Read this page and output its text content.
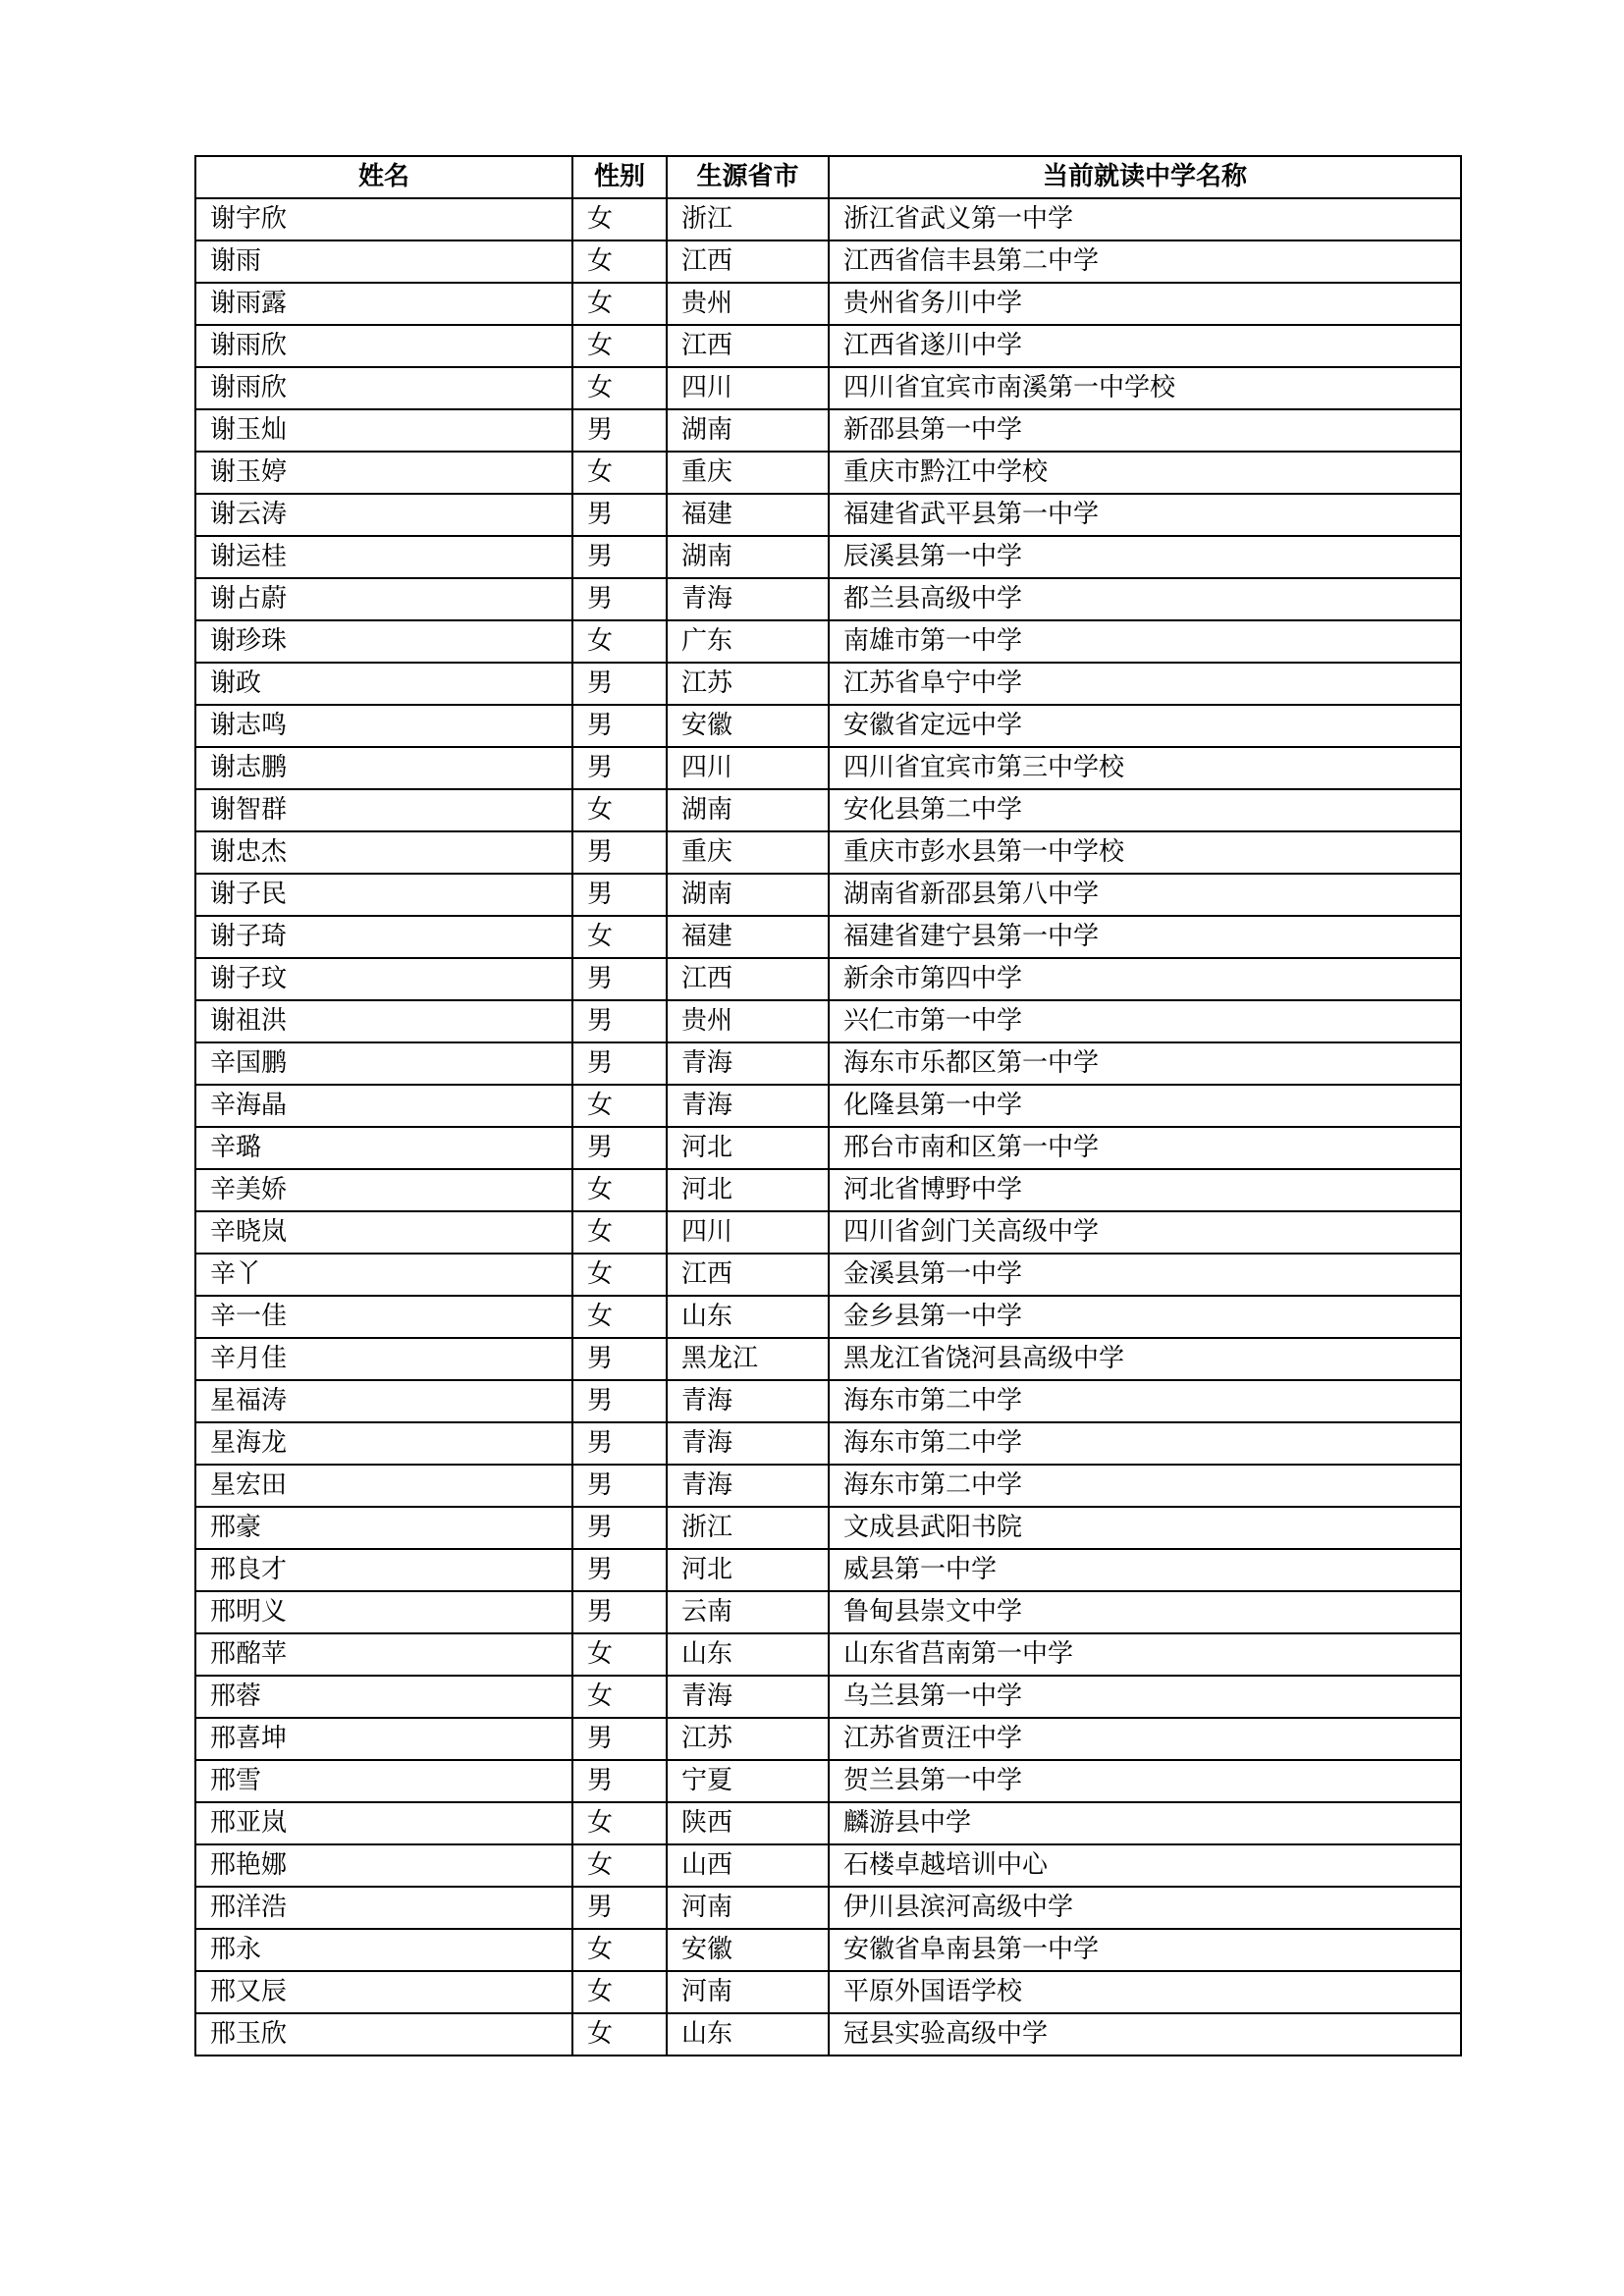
姓名	性别	生源省市	当前就读中学名称
谢宇欣	女	浙江	浙江省武义第一中学
谢雨	女	江西	江西省信丰县第二中学
谢雨露	女	贵州	贵州省务川中学
谢雨欣	女	江西	江西省遂川中学
谢雨欣	女	四川	四川省宜宾市南溪第一中学校
谢玉灿	男	湖南	新邵县第一中学
谢玉婷	女	重庆	重庆市黔江中学校
谢云涛	男	福建	福建省武平县第一中学
谢运桂	男	湖南	辰溪县第一中学
谢占蔚	男	青海	都兰县高级中学
谢珍珠	女	广东	南雄市第一中学
谢政	男	江苏	江苏省阜宁中学
谢志鸣	男	安徽	安徽省定远中学
谢志鹏	男	四川	四川省宜宾市第三中学校
谢智群	女	湖南	安化县第二中学
谢忠杰	男	重庆	重庆市彭水县第一中学校
谢子民	男	湖南	湖南省新邵县第八中学
谢子琦	女	福建	福建省建宁县第一中学
谢子玟	男	江西	新余市第四中学
谢祖洪	男	贵州	兴仁市第一中学
辛国鹏	男	青海	海东市乐都区第一中学
辛海晶	女	青海	化隆县第一中学
辛璐	男	河北	邢台市南和区第一中学
辛美娇	女	河北	河北省博野中学
辛晓岚	女	四川	四川省剑门关高级中学
辛丫	女	江西	金溪县第一中学
辛一佳	女	山东	金乡县第一中学
辛月佳	男	黑龙江	黑龙江省饶河县高级中学
星福涛	男	青海	海东市第二中学
星海龙	男	青海	海东市第二中学
星宏田	男	青海	海东市第二中学
邢豪	男	浙江	文成县武阳书院
邢良才	男	河北	威县第一中学
邢明义	男	云南	鲁甸县崇文中学
邢酩苹	女	山东	山东省莒南第一中学
邢蓉	女	青海	乌兰县第一中学
邢喜坤	男	江苏	江苏省贾汪中学
邢雪	男	宁夏	贺兰县第一中学
邢亚岚	女	陕西	麟游县中学
邢艳娜	女	山西	石楼卓越培训中心
邢洋浩	男	河南	伊川县滨河高级中学
邢永	女	安徽	安徽省阜南县第一中学
邢又辰	女	河南	平原外国语学校
邢玉欣	女	山东	冠县实验高级中学
